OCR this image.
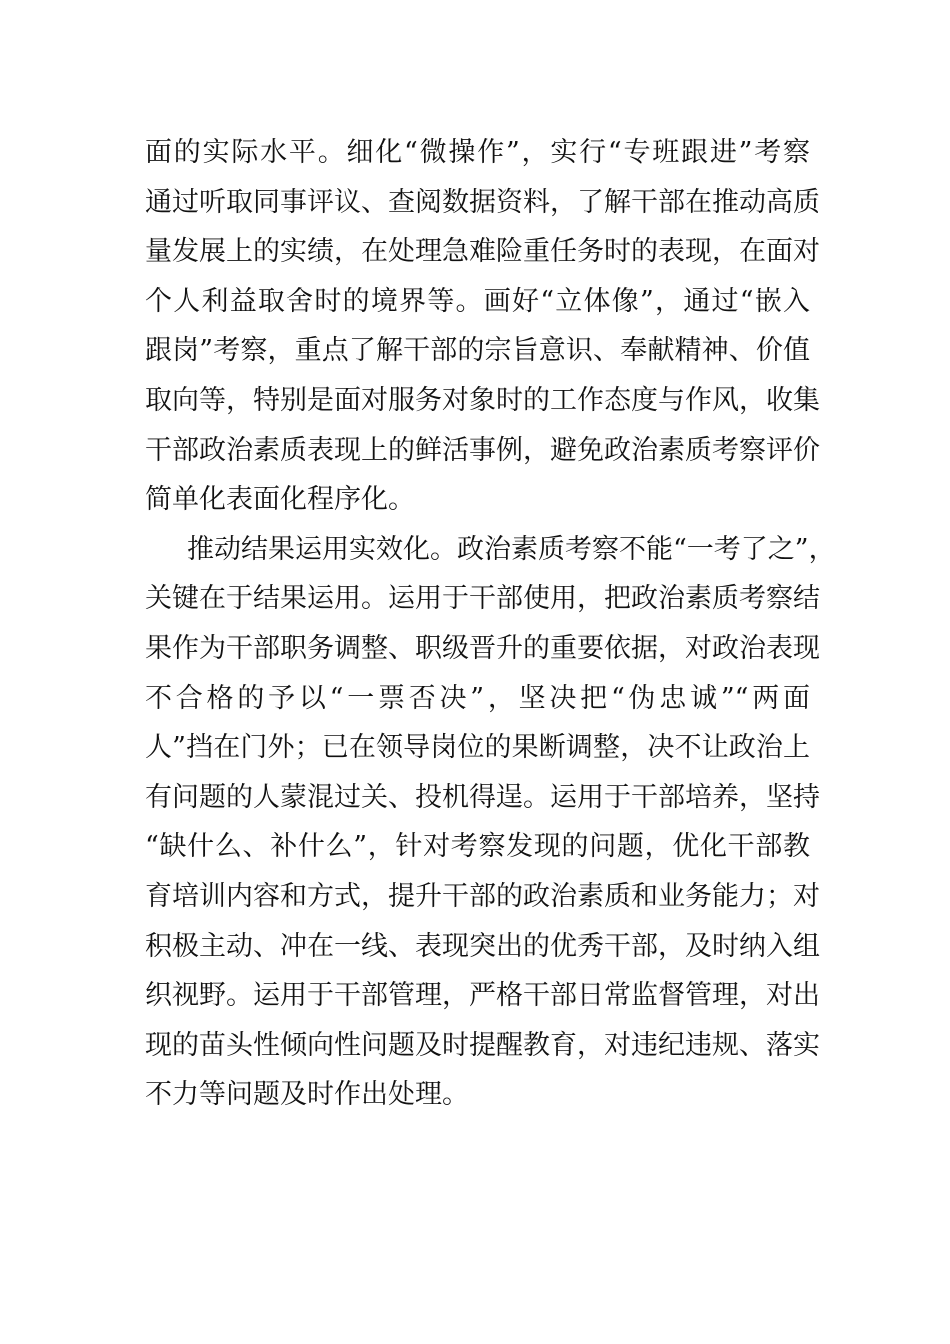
面的实际水平。细化“微操作”，实行“专班跟进”考察
通过听取同事评议、查阅数据资料，了解干部在推动高质
量发展上的实绩，在处理急难险重任务时的表现，在面对
个人利益取舍时的境界等。画好“立体像”，通过“嵌入
跟岗”考察，重点了解干部的宗旨意识、奉献精神、价值
取向等，特别是面对服务对象时的工作态度与作风，收集
干部政治素质表现上的鲜活事例，避免政治素质考察评价
简单化表面化程序化。
推动结果运用实效化。政治素质考察不能“一考了之”，
关键在于结果运用。运用于干部使用，把政治素质考察结
果作为干部职务调整、职级晋升的重要依据，对政治表现
不合格的予以“一票否决”，坚决把“伪忠诚”“两面
人”挡在门外；已在领导岗位的果断调整，决不让政治上
有问题的人蒙混过关、投机得逞。运用于干部培养，坚持
“缺什么、补什么”，针对考察发现的问题，优化干部教
育培训内容和方式，提升干部的政治素质和业务能力；对
积极主动、冲在一线、表现突出的优秀干部，及时纳入组
织视野。运用于干部管理，严格干部日常监督管理，对出
现的苗头性倾向性问题及时提醒教育，对违纪违规、落实
不力等问题及时作出处理。
